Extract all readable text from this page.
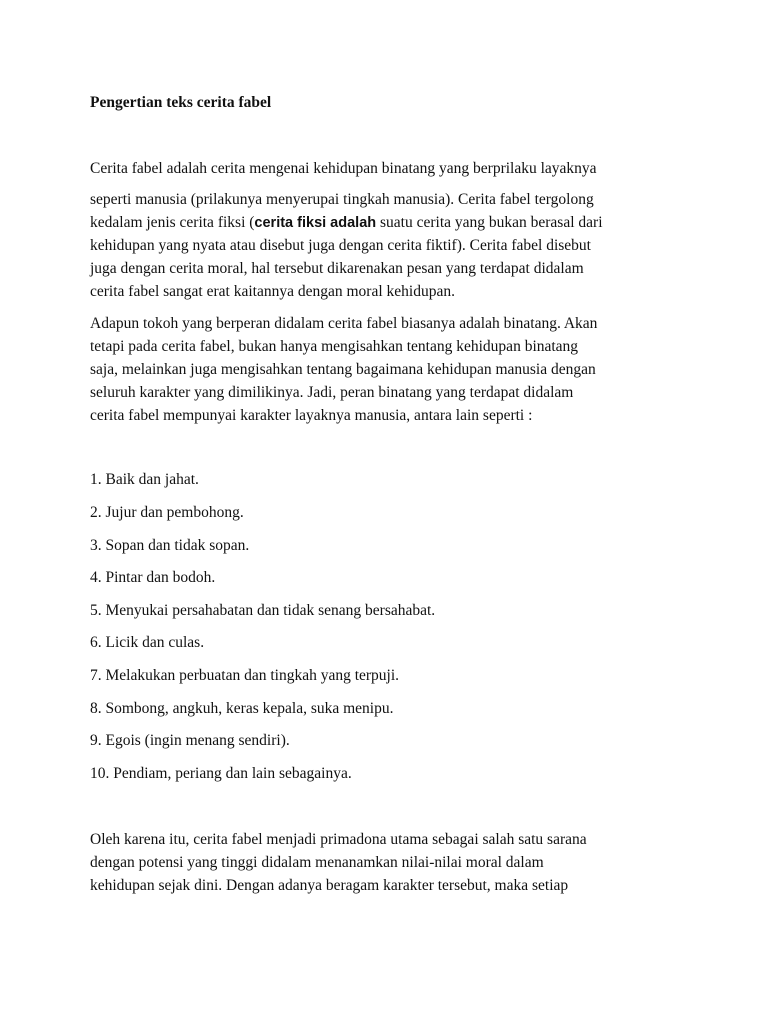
Pengertian teks cerita fabel

Cerita fabel adalah cerita mengenai kehidupan binatang yang berprilaku layaknya

seperti manusia (prilakunya menyerupai tingkah manusia). Cerita fabel tergolong

kedalam jenis cerita fiksi (cerita fiksi adalah suatu cerita yang bukan berasal dari

kehidupan yang nyata atau disebut juga dengan cerita fiktif). Cerita fabel disebut

juga dengan cerita moral, hal tersebut dikarenakan pesan yang terdapat didalam

cerita fabel sangat erat kaitannya dengan moral kehidupan.

Adapun tokoh yang berperan didalam cerita fabel biasanya adalah binatang. Akan

tetapi pada cerita fabel, bukan hanya mengisahkan tentang kehidupan binatang

saja, melainkan juga mengisahkan tentang bagaimana kehidupan manusia dengan

seluruh karakter yang dimilikinya. Jadi, peran binatang yang terdapat didalam

cerita fabel mempunyai karakter layaknya manusia, antara lain seperti :

1. Baik dan jahat.

2. Jujur dan pembohong.

3. Sopan dan tidak sopan.

4. Pintar dan bodoh.

5. Menyukai persahabatan dan tidak senang bersahabat.

6. Licik dan culas.

7. Melakukan perbuatan dan tingkah yang terpuji.

8. Sombong, angkuh, keras kepala, suka menipu.

9. Egois (ingin menang sendiri).

10. Pendiam, periang dan lain sebagainya.

Oleh karena itu, cerita fabel menjadi primadona utama sebagai salah satu sarana

dengan potensi yang tinggi didalam menanamkan nilai-nilai moral dalam

kehidupan sejak dini. Dengan adanya beragam karakter tersebut, maka setiap
